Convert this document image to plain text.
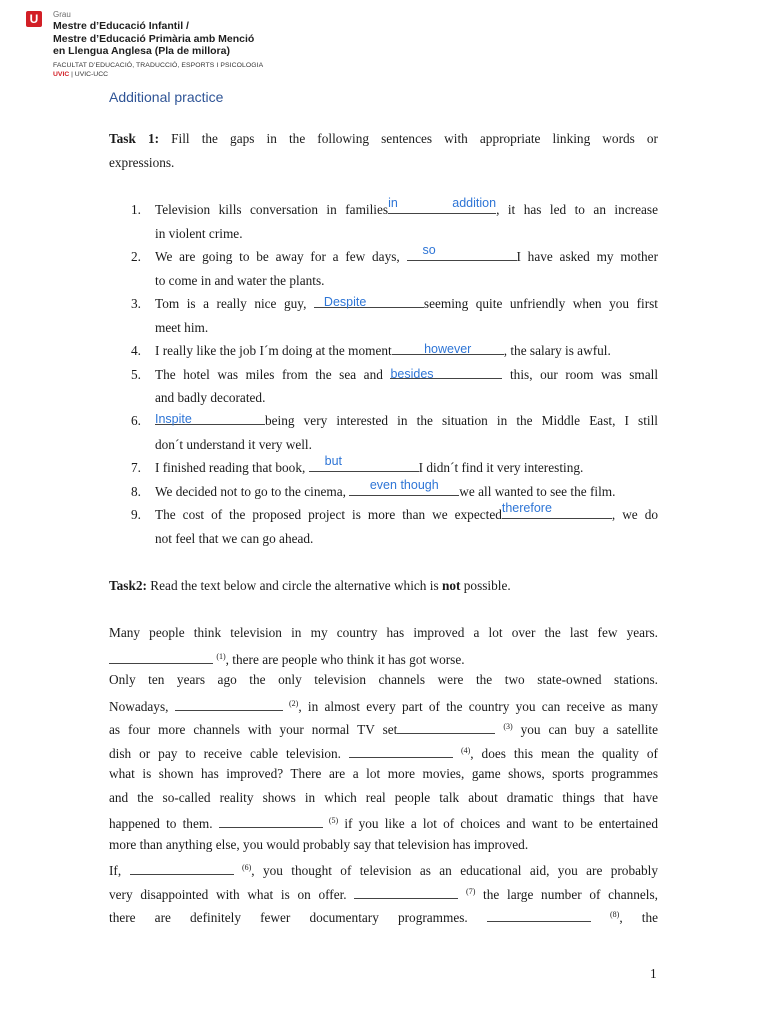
U	Grau
Mestre d’Educació Infantil /
Mestre d’Educació Primària amb Menció
en Llengua Anglesa (Pla de millora)
FACULTAT D’EDUCACIÓ, TRADUCCIÓ, ESPORTS I PSICOLOGIA
UVIC | UVIC-UCC
Additional practice
Task 1: Fill the gaps in the following sentences with appropriate linking words or
expressions.
1. Television kills conversation in families in addition , it has led to an increase
in violent crime.
2. We are going to be away for a few days, so	I have asked my mother
to come in and water the plants.
3. Tom is a really nice guy, Despite	seeming quite unfriendly when you first
meet him.
4. I really like the job I´m doing at the moment	however	, the salary is awful.
5. The hotel was miles from the sea and besides	this, our room was small
and badly decorated.
6. Inspite	being very interested in the situation in the Middle East, I still
don´t understand it very well.
7. I finished reading that book, but	I didn´t find it very interesting.
8. We decided not to go to the cinema,	even though	we all wanted to see the film.
9. The cost of the proposed project is more than we expected therefore	, we do
not feel that we can go ahead.
Task2: Read the text below and circle the alternative which is not possible.
Many people think television in my country has improved a lot over the last few years.
$^{(1)}$, there are people who think it has got worse.
Only ten years ago the only television channels were the two state-owned stations.
Nowadays,	$^{(2)}$, in almost every part of the country you can receive as many
as four more channels with your normal TV set	$^{(3)}$ you can buy a satellite
dish or pay to receive cable television.	$^{(4)}$, does this mean the quality of
what is shown has improved? There are a lot more movies, game shows, sports programmes
and the so-called reality shows in which real people talk about dramatic things that have
happened to them.	$^{(5)}$ if you like a lot of choices and want to be entertained
more than anything else, you would probably say that television has improved.
If,	$^{(6)}$, you thought of television as an educational aid, you are probably
very disappointed with what is on offer.	$^{(7)}$ the large number of channels,
there are definitely fewer documentary programmes.	$^{(8)}$, the
1
